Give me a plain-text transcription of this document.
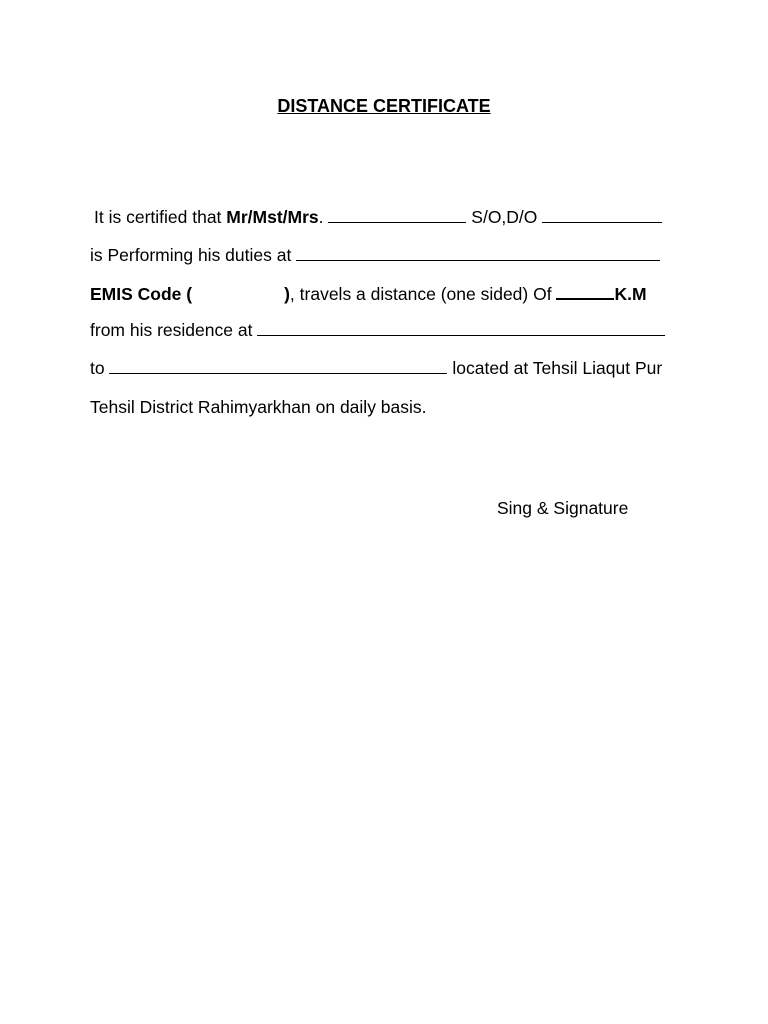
DISTANCE CERTIFICATE
It is certified that Mr/Mst/Mrs.	S/O,D/O
is Performing his duties at
EMIS Code (	), travels a distance (one sided) Of	K.M
from his residence at
to	located at Tehsil Liaqut Pur
Tehsil District Rahimyarkhan on daily basis.
Sing & Signature
